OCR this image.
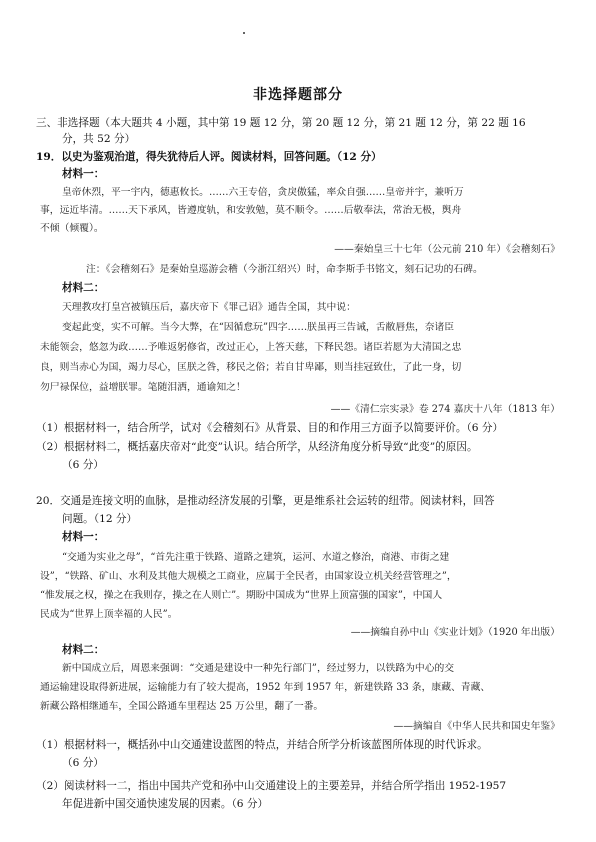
非选择题部分
三、非选择题（本大题共 4 小题，其中第 19 题 12 分，第 20 题 12 分，第 21 题 12 分，第 22 题 16
分，共 52 分）
19．以史为鉴观治道，得失犹待后人评。阅读材料，回答问题。（12 分）
材料一：
皇帝休烈，平一宇内，德惠攸长。……六王专倍，贪戾傲猛，率众自强……皇帝并宇，兼听万
事，远近毕清。……天下承风，皆遵度轨，和安敦勉，莫不顺令。……后敬奉法，常治无极，舆舟
不倾（倾覆）。
——秦始皇三十七年（公元前 210 年）《会稽刻石》
注：《会稽刻石》是秦始皇巡游会稽（今浙江绍兴）时，命李斯手书铭文，刻石记功的石碑。
材料二：
天理教攻打皇宫被镇压后，嘉庆帝下《罪己诏》通告全国，其中说：
变起此变，实不可解。当今大弊，在“因循怠玩”四字……朕虽再三告诫，舌敝唇焦，奈诸臣
未能领会，悠忽为政……予唯返躬修省，改过正心，上答天慈，下释民怨。诸臣若愿为大清国之忠
良，则当赤心为国，竭力尽心，匡朕之咎，移民之俗；若自甘卑鄙，则当挂冠致仕，了此一身，切
勿尸禄保位，益增朕罪。笔随泪洒，通谕知之！
——《清仁宗实录》卷 274 嘉庆十八年（1813 年）
（1）根据材料一，结合所学，试对《会稽刻石》从背景、目的和作用三方面予以简要评价。（6 分）
（2）根据材料二，概括嘉庆帝对“此变”认识。结合所学，从经济角度分析导致“此变”的原因。
（6 分）
20．交通是连接文明的血脉，是推动经济发展的引擎，更是维系社会运转的纽带。阅读材料，回答
问题。（12 分）
材料一：
“交通为实业之母”，“首先注重于铁路、道路之建筑，运河、水道之修治，商港、市街之建
设”，“铁路、矿山、水利及其他大规模之工商业，应属于全民者，由国家设立机关经营管理之”，
“惟发展之权，操之在我则存，操之在人则亡”。期盼中国成为“世界上顶富强的国家”，中国人
民成为“世界上顶幸福的人民”。
——摘编自孙中山《实业计划》（1920 年出版）
材料二：
新中国成立后，周恩来强调：“交通是建设中一种先行部门”，经过努力，以铁路为中心的交
通运输建设取得新进展，运输能力有了较大提高，1952 年到 1957 年，新建铁路 33 条，康藏、青藏、
新藏公路相继通车，全国公路通车里程达 25 万公里，翻了一番。
——摘编自《中华人民共和国史年鉴》
（1）根据材料一，概括孙中山交通建设蓝图的特点，并结合所学分析该蓝图所体现的时代诉求。
（6 分）
（2）阅读材料一二，指出中国共产党和孙中山交通建设上的主要差异，并结合所学指出 1952-1957
年促进新中国交通快速发展的因素。（6 分）
